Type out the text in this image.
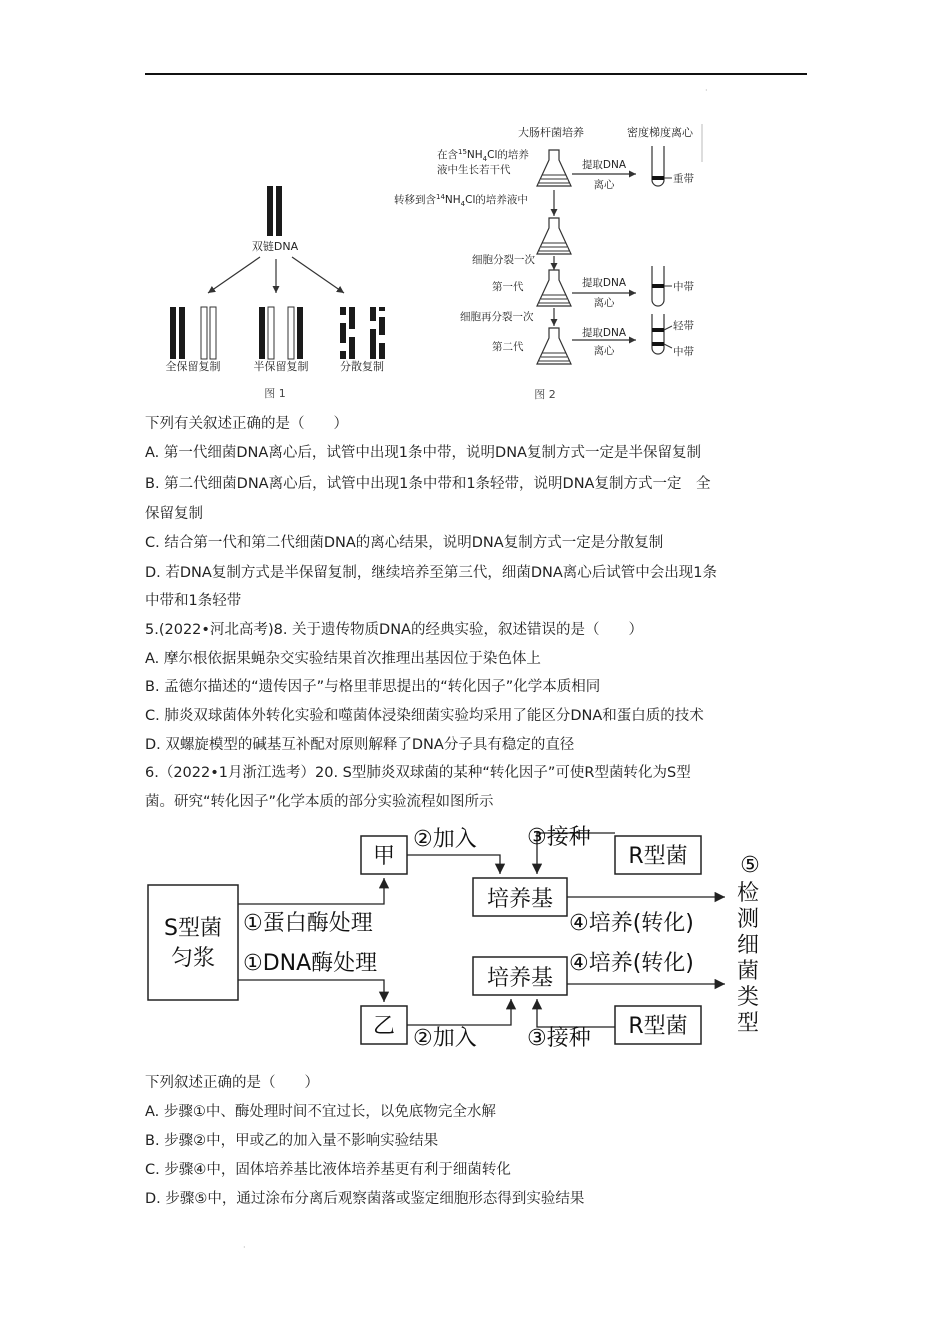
·
·
双链DNA
全保留复制	半保留复制	分散复制
图 1
大肠杆菌培养	密度梯度离心
在含$^{15}NH_4Cl$的培养
液中生长若干代	提取DNA
离心	重带
转移到含$^{14}NH_4Cl$的培养液中
细胞分裂一次
第一代	提取DNA
离心
中带
细胞再分裂一次
第二代
提取DNA
离心
轻带
中带
图 2
下列有关叙述正确的是（　　）
A. 第一代细菌DNA离心后，试管中出现1条中带，说明DNA复制方式一定是半保留复制
B. 第二代细菌DNA离心后，试管中出现1条中带和1条轻带，说明DNA复制方式一定　全
保留复制
C. 结合第一代和第二代细菌DNA的离心结果，说明DNA复制方式一定是分散复制
D. 若DNA复制方式是半保留复制，继续培养至第三代，细菌DNA离心后试管中会出现1条
中带和1条轻带
5.(2022•河北高考)8. 关于遗传物质DNA的经典实验，叙述错误的是（　　）
A. 摩尔根依据果蝇杂交实验结果首次推理出基因位于染色体上
B. 孟德尔描述的“遗传因子”与格里菲思提出的“转化因子”化学本质相同
C. 肺炎双球菌体外转化实验和噬菌体浸染细菌实验均采用了能区分DNA和蛋白质的技术
D. 双螺旋模型的碱基互补配对原则解释了DNA分子具有稳定的直径
6.（2022•1月浙江选考）20. S型肺炎双球菌的某种“转化因子”可使R型菌转化为S型
菌。研究“转化因子”化学本质的部分实验流程如图所示
S型菌
匀浆
甲
①蛋白酶处理
乙
①DNA酶处理
培养基
②加入 ③接种
R型菌
④培养(转化)
培养基
②加入 ③接种 R型菌
④培养(转化)
⑤
检
测
细
菌
类
型
下列叙述正确的是（　　）
A. 步骤①中、酶处理时间不宜过长，以免底物完全水解
B. 步骤②中，甲或乙的加入量不影响实验结果
C. 步骤④中，固体培养基比液体培养基更有利于细菌转化
D. 步骤⑤中，通过涂布分离后观察菌落或鉴定细胞形态得到实验结果
